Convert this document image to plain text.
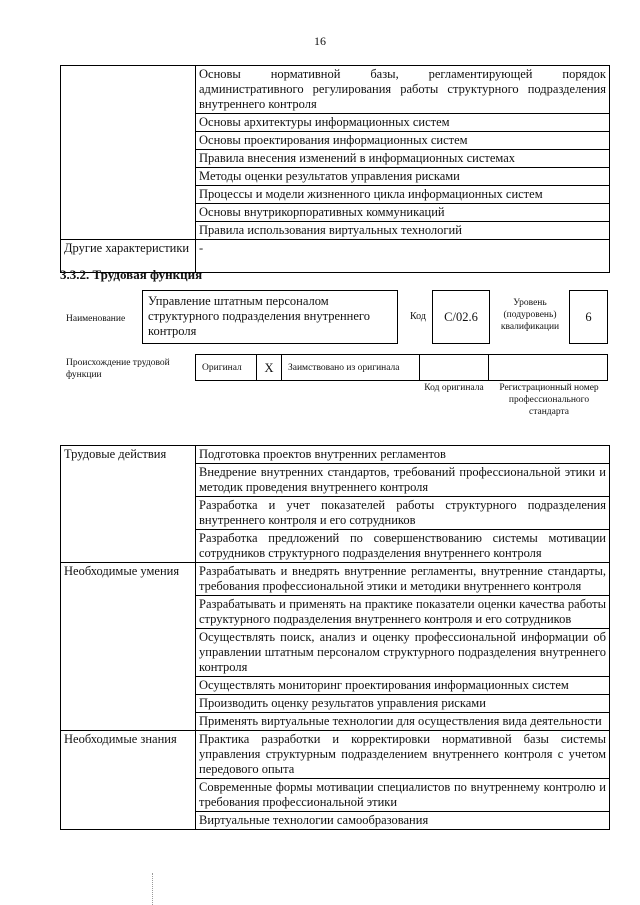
16
	Основы нормативной базы, регламентирующей порядок административного регулирования работы структурного подразделения внутреннего контроля
	Основы архитектуры информационных систем
	Основы проектирования информационных систем
	Правила внесения изменений в информационных системах
	Методы оценки результатов управления рисками
	Процессы и модели жизненного цикла информационных систем
	Основы внутрикорпоративных коммуникаций
	Правила использования виртуальных технологий
Другие характеристики	-
3.3.2. Трудовая функция
Наименование
Управление штатным персоналом структурного подразделения внутреннего контроля
Код	C/02.6
Уровень (подуровень) квалификации
6
Происхождение трудовой функции
Оригинал	X	Заимствовано из оригинала
Код оригинала	Регистрационный номер профессионального стандарта
Трудовые действия	Подготовка проектов внутренних регламентов
	Внедрение внутренних стандартов, требований профессиональной этики и методик проведения внутреннего контроля
	Разработка и учет показателей работы структурного подразделения внутреннего контроля и его сотрудников
	Разработка предложений по совершенствованию системы мотивации сотрудников структурного подразделения внутреннего контроля
Необходимые умения	Разрабатывать и внедрять внутренние регламенты, внутренние стандарты, требования профессиональной этики и методики внутреннего контроля
	Разрабатывать и применять на практике показатели оценки качества работы структурного подразделения внутреннего контроля и его сотрудников
	Осуществлять поиск, анализ и оценку профессиональной информации об управлении штатным персоналом структурного подразделения внутреннего контроля
	Осуществлять мониторинг проектирования информационных систем
	Производить оценку результатов управления рисками
	Применять виртуальные технологии для осуществления вида деятельности
Необходимые знания	Практика разработки и корректировки нормативной базы системы управления структурным подразделением внутреннего контроля с учетом передового опыта
	Современные формы мотивации специалистов по внутреннему контролю и требования профессиональной этики
	Виртуальные технологии самообразования
